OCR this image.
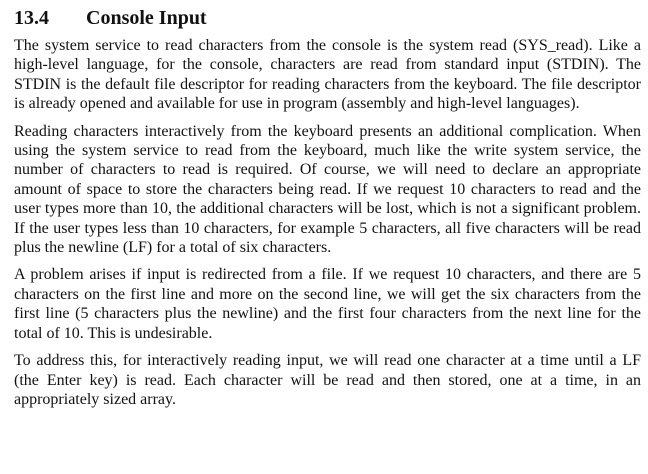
13.4	Console Input

The system service to read characters from the console is the system read (SYS_read). Like a high-level language, for the console, characters are read from standard input (STDIN). The STDIN is the default file descriptor for reading characters from the keyboard. The file descriptor is already opened and available for use in program (assembly and high-level languages).

Reading characters interactively from the keyboard presents an additional complication. When using the system service to read from the keyboard, much like the write system service, the number of characters to read is required. Of course, we will need to declare an appropriate amount of space to store the characters being read. If we request 10 characters to read and the user types more than 10, the additional characters will be lost, which is not a significant problem. If the user types less than 10 characters, for example 5 characters, all five characters will be read plus the newline (LF) for a total of six characters.

A problem arises if input is redirected from a file. If we request 10 characters, and there are 5 characters on the first line and more on the second line, we will get the six characters from the first line (5 characters plus the newline) and the first four characters from the next line for the total of 10. This is undesirable.

To address this, for interactively reading input, we will read one character at a time until a LF (the Enter key) is read. Each character will be read and then stored, one at a time, in an appropriately sized array.
